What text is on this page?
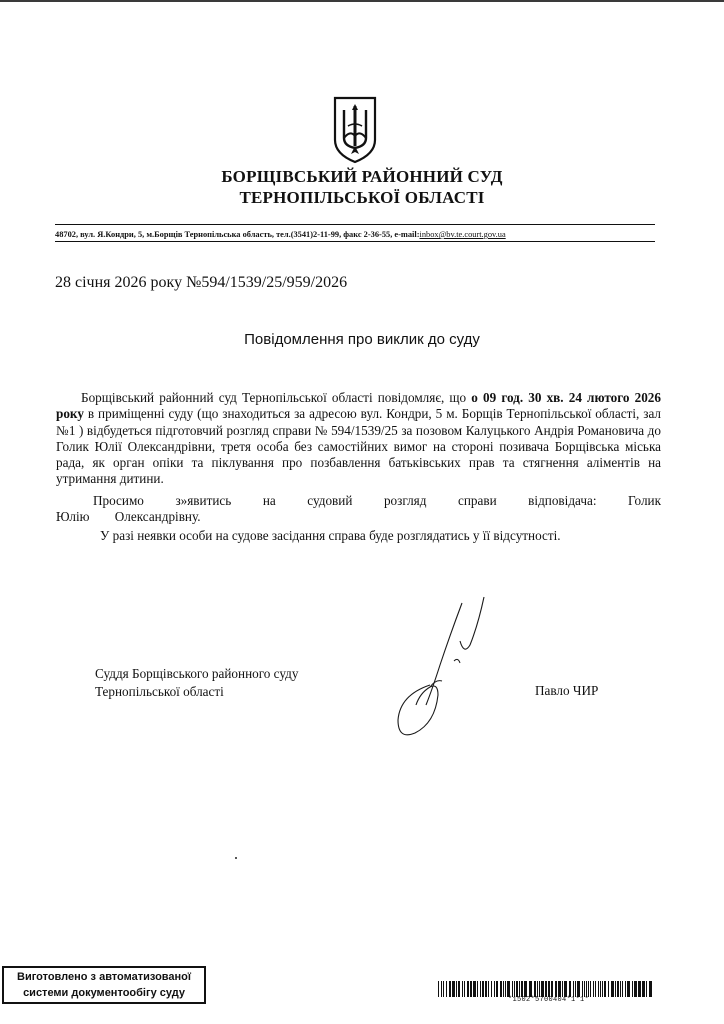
БОРЩІВСЬКИЙ РАЙОННИЙ СУД
ТЕРНОПІЛЬСЬКОЇ ОБЛАСТІ
48702, вул. Я.Кондри, 5, м.Борщів Тернопільська область, тел.(3541)2-11-99, факс 2-36-55, e-mail:inbox@bv.te.court.gov.ua
28 січня 2026 року №594/1539/25/959/2026
Повідомлення про виклик до суду
Борщівський районний суд Тернопільської області повідомляє, що о 09 год. 30 хв. 24 лютого 2026 року в приміщенні суду (що знаходиться за адресою вул. Кондри, 5 м. Борщів Тернопільської області, зал №1 ) відбудеться підготовчий розгляд справи № 594/1539/25 за позовом Калуцького Андрія Романовича до Голик Юлії Олександрівни, третя особа без самостійних вимог на стороні позивача Борщівська міська рада, як орган опіки та піклування про позбавлення батьківських прав та стягнення аліментів на утримання дитини.
Просимо з»явитись на судовий розгляд справи відповідача: Голик Юлію Олександрівну.
У разі неявки особи на судове засідання справа буде розглядатись у її відсутності.
Суддя Борщівського районного суду
Тернопільської області	Павло ЧИР
Виготовлено з автоматизованої
системи документообігу суду
*1502*5700404*1*1*
